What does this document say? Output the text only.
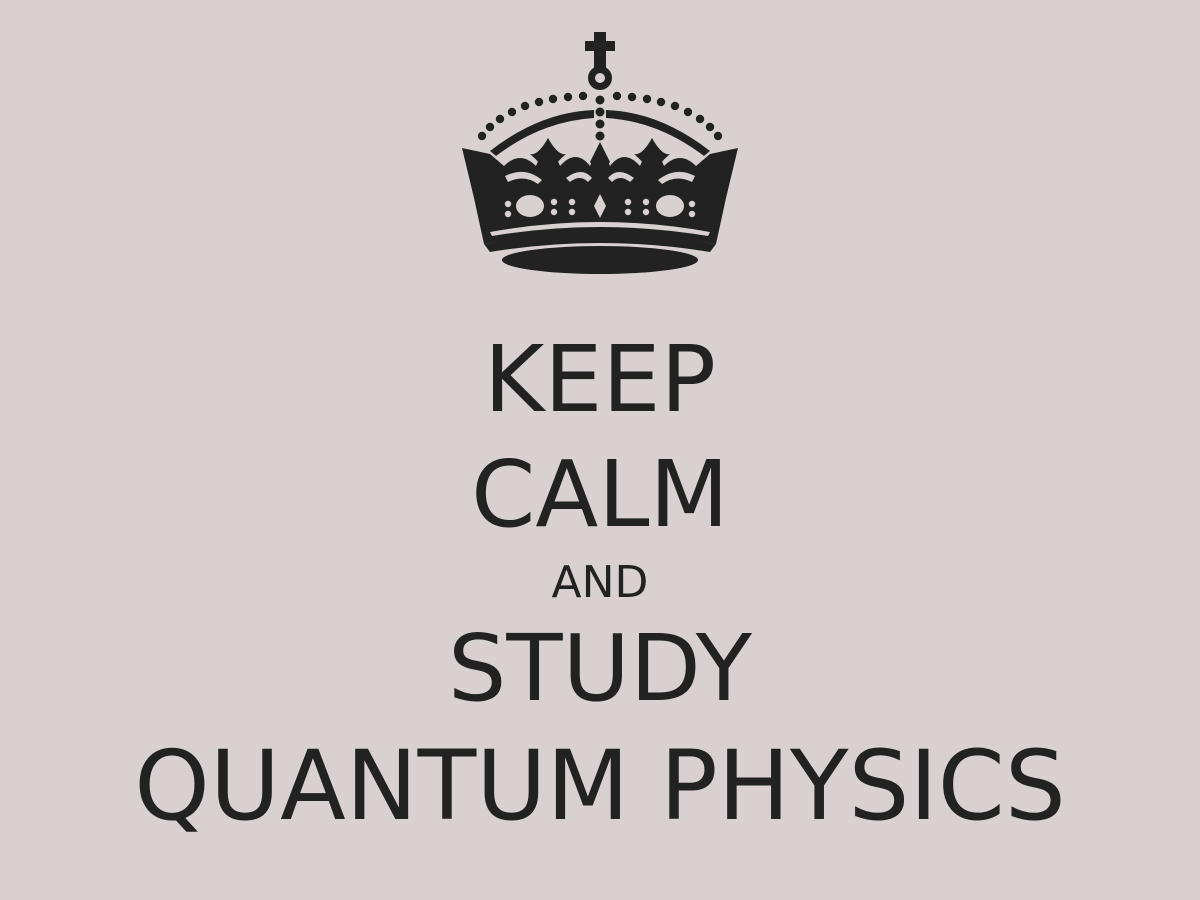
KEEP
CALM
AND
STUDY
QUANTUM PHYSICS
